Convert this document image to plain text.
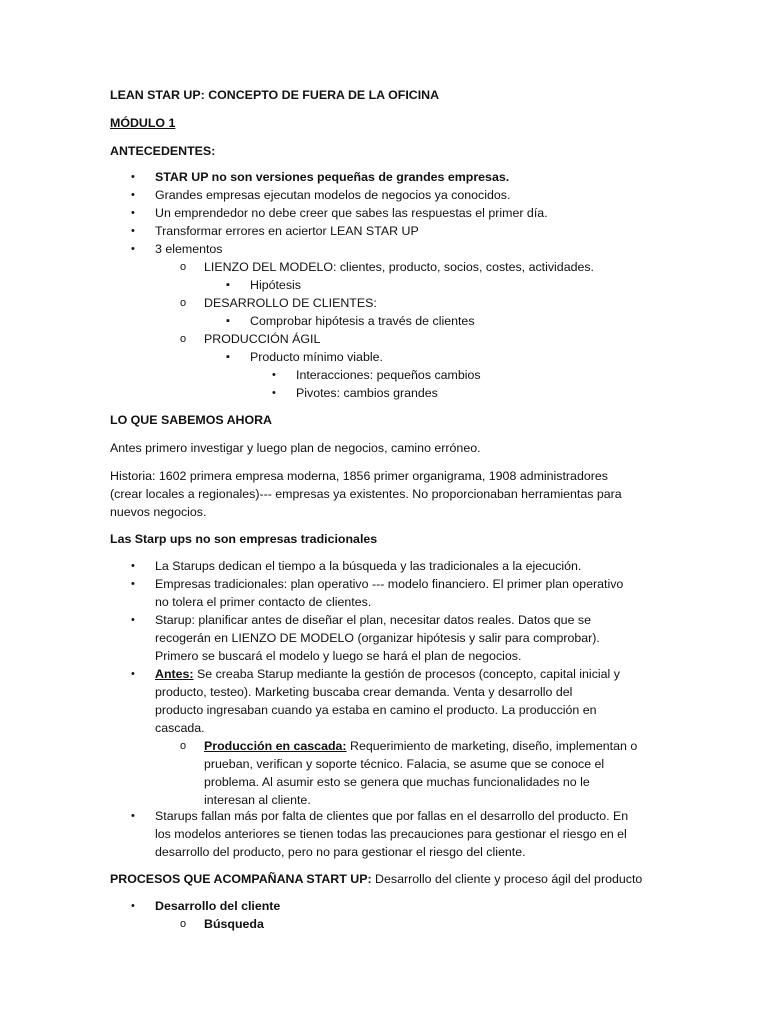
LEAN STAR UP: CONCEPTO DE FUERA DE LA OFICINA
MÓDULO 1
ANTECEDENTES:
• STAR UP no son versiones pequeñas de grandes empresas.
• Grandes empresas ejecutan modelos de negocios ya conocidos.
• Un emprendedor no debe creer que sabes las respuestas el primer día.
• Transformar errores en aciertor LEAN STAR UP
• 3 elementos
o LIENZO DEL MODELO: clientes, producto, socios, costes, actividades.
▪ Hipótesis
o DESARROLLO DE CLIENTES:
▪ Comprobar hipótesis a través de clientes
o PRODUCCIÓN ÁGIL
▪ Producto mínimo viable.
• Interacciones: pequeños cambios
• Pivotes: cambios grandes
LO QUE SABEMOS AHORA
Antes primero investigar y luego plan de negocios, camino erróneo.
Historia: 1602 primera empresa moderna, 1856 primer organigrama, 1908 administradores
(crear locales a regionales)--- empresas ya existentes. No proporcionaban herramientas para
nuevos negocios.
Las Starp ups no son empresas tradicionales
• La Starups dedican el tiempo a la búsqueda y las tradicionales a la ejecución.
• Empresas tradicionales: plan operativo --- modelo financiero. El primer plan operativo
no tolera el primer contacto de clientes.
• Starup: planificar antes de diseñar el plan, necesitar datos reales. Datos que se
recogerán en LIENZO DE MODELO (organizar hipótesis y salir para comprobar).
Primero se buscará el modelo y luego se hará el plan de negocios.
• Antes: Se creaba Starup mediante la gestión de procesos (concepto, capital inicial y
producto, testeo). Marketing buscaba crear demanda. Venta y desarrollo del
producto ingresaban cuando ya estaba en camino el producto. La producción en
cascada.
o Producción en cascada: Requerimiento de marketing, diseño, implementan o
prueban, verifican y soporte técnico. Falacia, se asume que se conoce el
problema. Al asumir esto se genera que muchas funcionalidades no le
interesan al cliente.
• Starups fallan más por falta de clientes que por fallas en el desarrollo del producto. En
los modelos anteriores se tienen todas las precauciones para gestionar el riesgo en el
desarrollo del producto, pero no para gestionar el riesgo del cliente.
PROCESOS QUE ACOMPAÑANA START UP: Desarrollo del cliente y proceso ágil del producto
• Desarrollo del cliente
o Búsqueda
